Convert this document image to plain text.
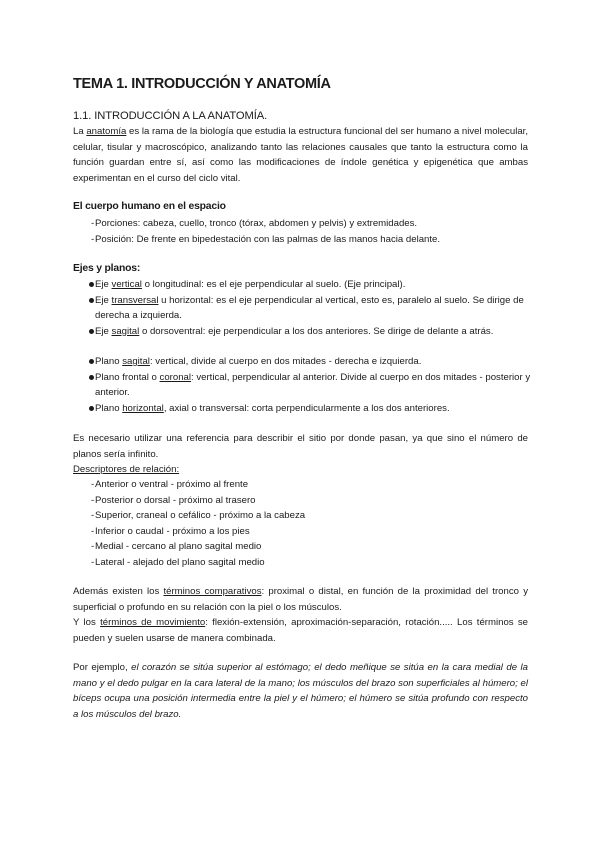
TEMA 1. INTRODUCCIÓN Y ANATOMÍA
1.1. INTRODUCCIÓN A LA ANATOMÍA.
La anatomía es la rama de la biología que estudia la estructura funcional del ser humano a nivel molecular, celular, tisular y macroscópico, analizando tanto las relaciones causales que tanto la estructura como la función guardan entre sí, así como las modificaciones de índole genética y epigenética que ambas experimentan en el curso del ciclo vital.
El cuerpo humano en el espacio
- Porciones: cabeza, cuello, tronco (tórax, abdomen y pelvis) y extremidades.
- Posición: De frente en bipedestación con las palmas de las manos hacia delante.
Ejes y planos:
Eje vertical o longitudinal: es el eje perpendicular al suelo. (Eje principal).
Eje transversal u horizontal: es el eje perpendicular al vertical, esto es, paralelo al suelo. Se dirige de derecha a izquierda.
Eje sagital o dorsoventral: eje perpendicular a los dos anteriores. Se dirige de delante a atrás.
Plano sagital: vertical, divide al cuerpo en dos mitades - derecha e izquierda.
Plano frontal o coronal: vertical, perpendicular al anterior. Divide al cuerpo en dos mitades - posterior y anterior.
Plano horizontal, axial o transversal: corta perpendicularmente a los dos anteriores.
Es necesario utilizar una referencia para describir el sitio por donde pasan, ya que sino el número de planos sería infinito.
Descriptores de relación:
- Anterior o ventral - próximo al frente
- Posterior o dorsal - próximo al trasero
- Superior, craneal o cefálico - próximo a la cabeza
- Inferior o caudal - próximo a los pies
- Medial - cercano al plano sagital medio
- Lateral - alejado del plano sagital medio
Además existen los términos comparativos: proximal o distal, en función de la proximidad del tronco y superficial o profundo en su relación con la piel o los músculos.
Y los términos de movimiento: flexión-extensión, aproximación-separación, rotación..... Los términos se pueden y suelen usarse de manera combinada.
Por ejemplo, el corazón se sitúa superior al estómago; el dedo meñique se sitúa en la cara medial de la mano y el dedo pulgar en la cara lateral de la mano; los músculos del brazo son superficiales al húmero; el bíceps ocupa una posición intermedia entre la piel y el húmero; el húmero se sitúa profundo con respecto a los músculos del brazo.
